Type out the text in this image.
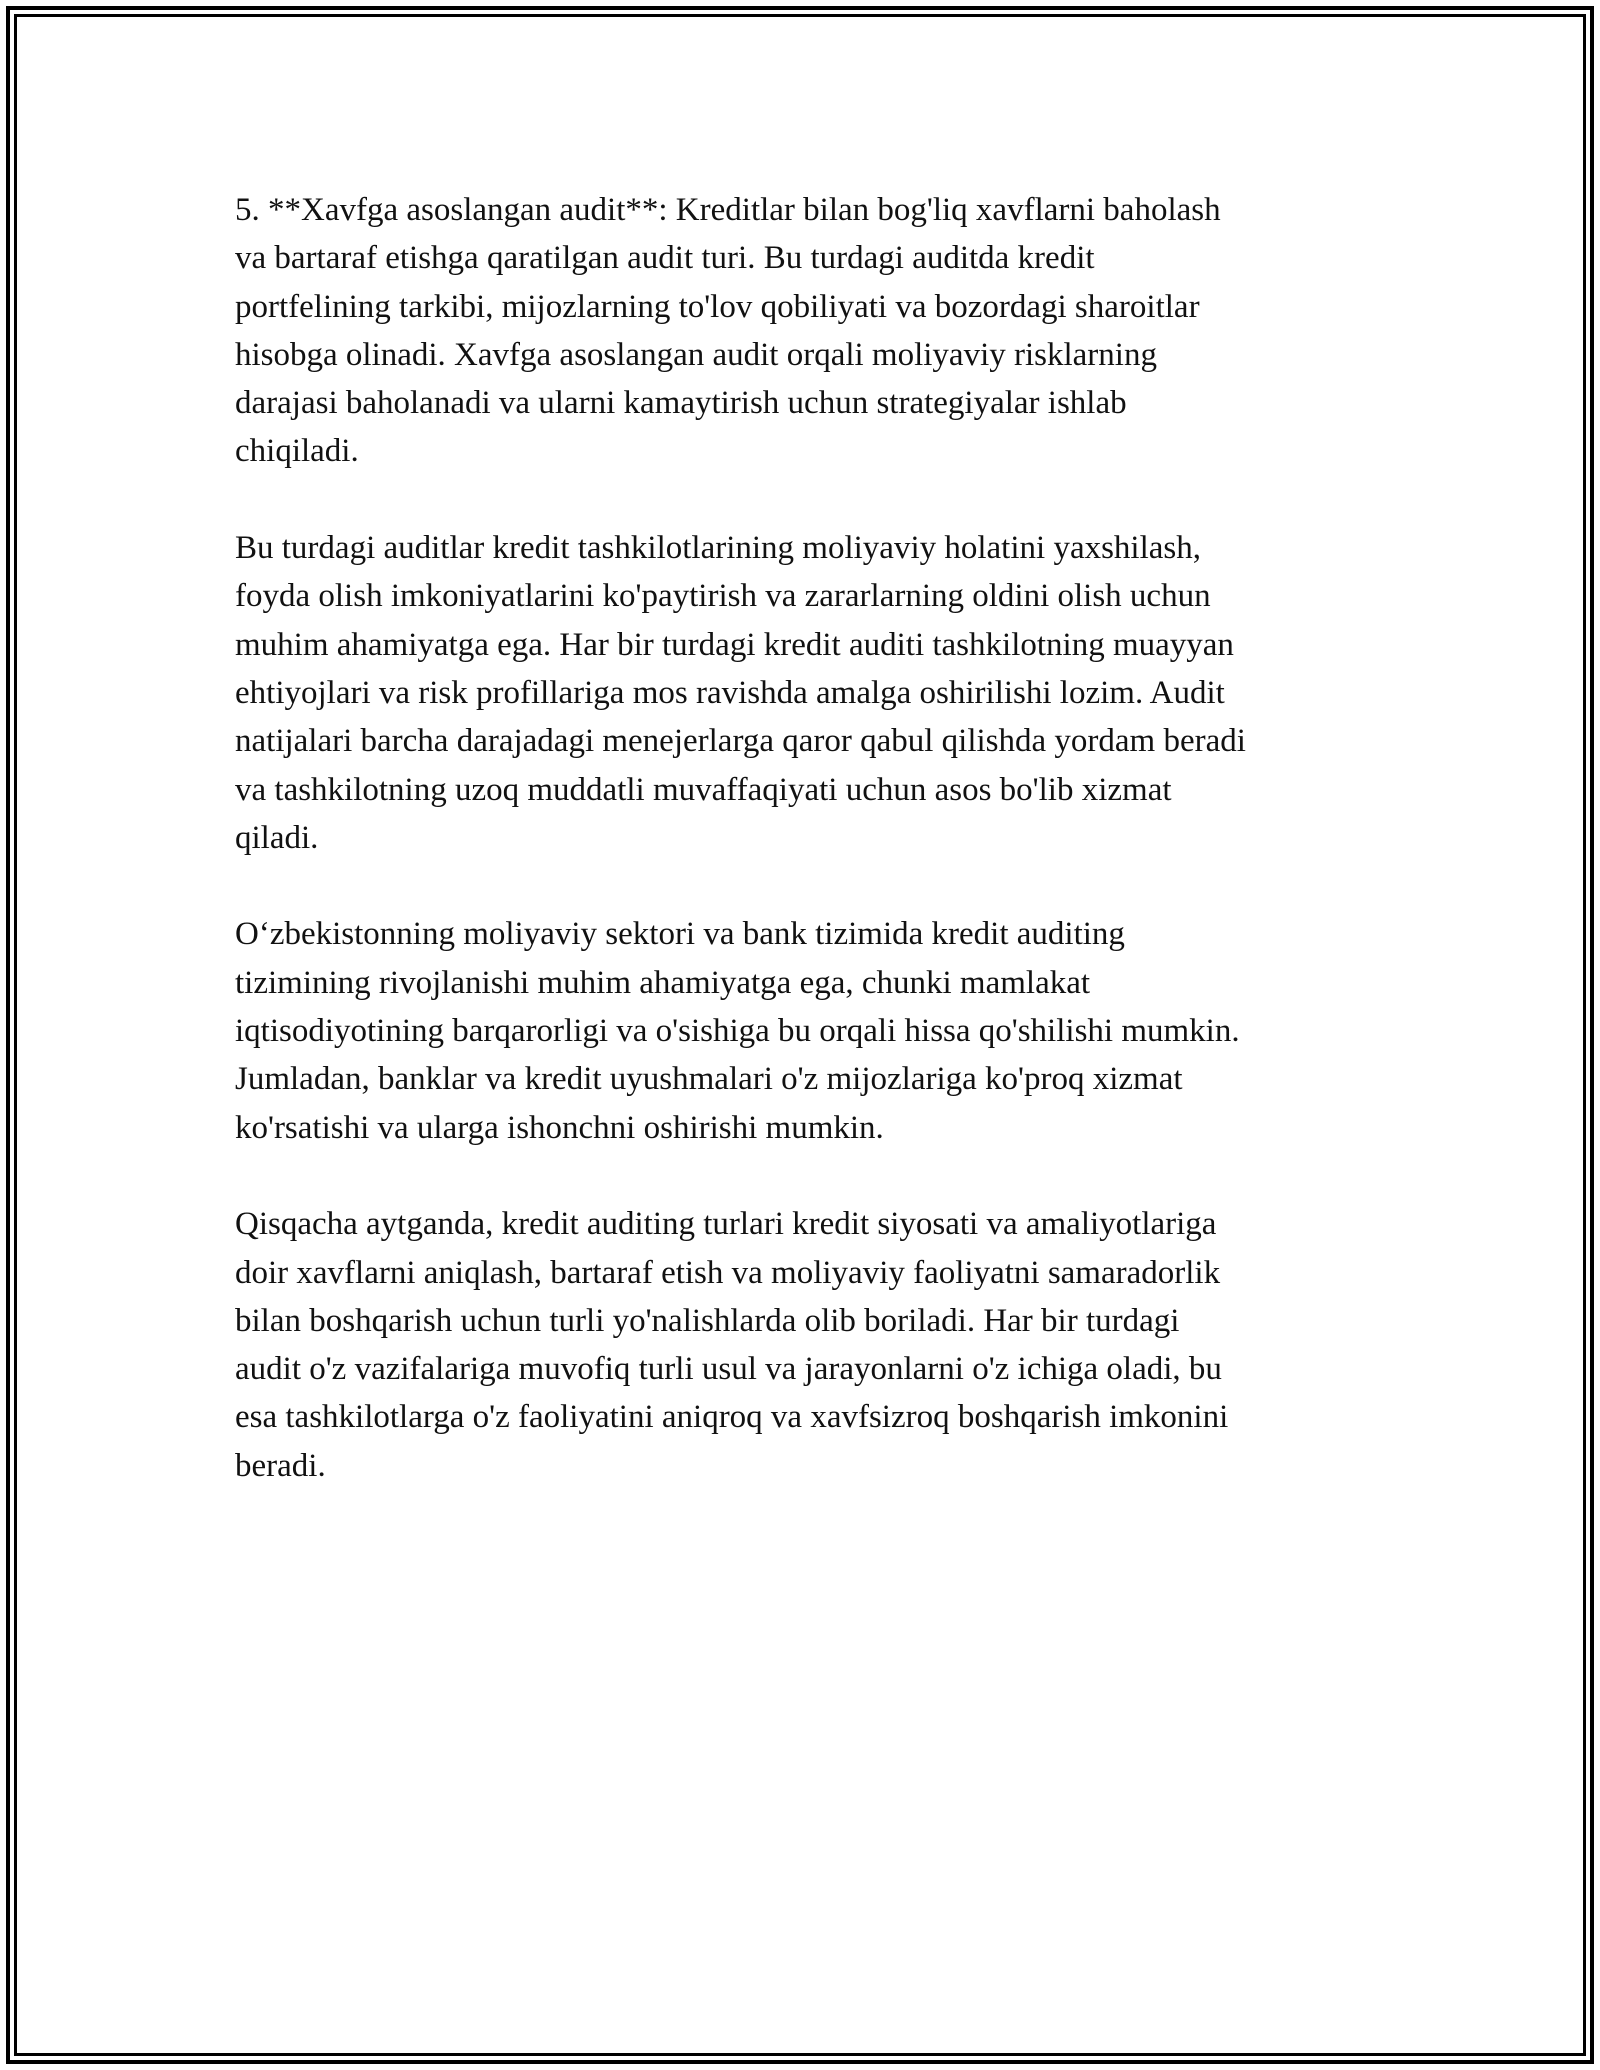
5. **Xavfga asoslangan audit**: Kreditlar bilan bog'liq xavflarni baholash
va bartaraf etishga qaratilgan audit turi. Bu turdagi auditda kredit
portfelining tarkibi, mijozlarning to'lov qobiliyati va bozordagi sharoitlar
hisobga olinadi. Xavfga asoslangan audit orqali moliyaviy risklarning
darajasi baholanadi va ularni kamaytirish uchun strategiyalar ishlab
chiqiladi.

Bu turdagi auditlar kredit tashkilotlarining moliyaviy holatini yaxshilash,
foyda olish imkoniyatlarini ko'paytirish va zararlarning oldini olish uchun
muhim ahamiyatga ega. Har bir turdagi kredit auditi tashkilotning muayyan
ehtiyojlari va risk profillariga mos ravishda amalga oshirilishi lozim. Audit
natijalari barcha darajadagi menejerlarga qaror qabul qilishda yordam beradi
va tashkilotning uzoq muddatli muvaffaqiyati uchun asos bo'lib xizmat
qiladi.

O‘zbekistonning moliyaviy sektori va bank tizimida kredit auditing
tizimining rivojlanishi muhim ahamiyatga ega, chunki mamlakat
iqtisodiyotining barqarorligi va o'sishiga bu orqali hissa qo'shilishi mumkin.
Jumladan, banklar va kredit uyushmalari o'z mijozlariga ko'proq xizmat
ko'rsatishi va ularga ishonchni oshirishi mumkin.

Qisqacha aytganda, kredit auditing turlari kredit siyosati va amaliyotlariga
doir xavflarni aniqlash, bartaraf etish va moliyaviy faoliyatni samaradorlik
bilan boshqarish uchun turli yo'nalishlarda olib boriladi. Har bir turdagi
audit o'z vazifalariga muvofiq turli usul va jarayonlarni o'z ichiga oladi, bu
esa tashkilotlarga o'z faoliyatini aniqroq va xavfsizroq boshqarish imkonini
beradi.
